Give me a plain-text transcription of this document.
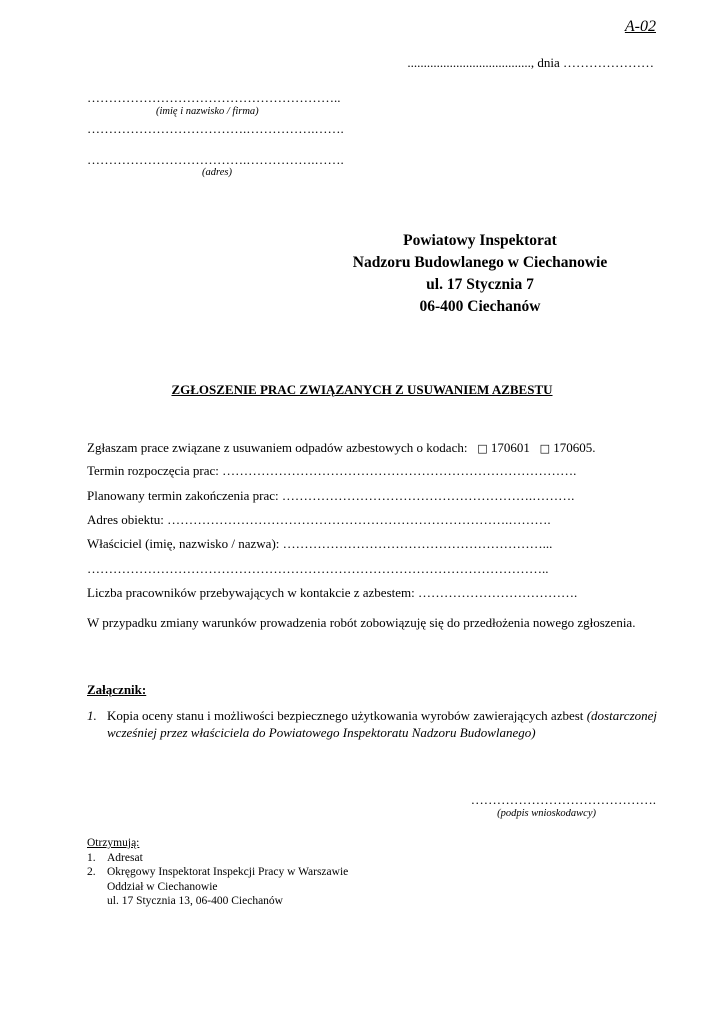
A-02
......................................, dnia …………………
…………………………………………………..
(imię i nazwisko / firma)
……………………………….…………….…….
……………………………….…………….…….
(adres)
Powiatowy Inspektorat
Nadzoru Budowlanego w Ciechanowie
ul. 17 Stycznia 7
06-400 Ciechanów
ZGŁOSZENIE PRAC ZWIĄZANYCH Z USUWANIEM AZBESTU
Zgłaszam prace związane z usuwaniem odpadów azbestowych o kodach: □ 170601 □ 170605.
Termin rozpoczęcia prac: ……………………………………………………………………….
Planowany termin zakończenia prac: ………………………………………………….……….
Adres obiektu: …………………………………………………………………….……….
Właściciel (imię, nazwisko / nazwa): ……………………………………………………...
……………………………………………………………………………………………..
Liczba pracowników przebywających w kontakcie z azbestem: ……………………………….
W przypadku zmiany warunków prowadzenia robót zobowiązuję się do przedłożenia nowego zgłoszenia.
Załącznik:
1. Kopia oceny stanu i możliwości bezpiecznego użytkowania wyrobów zawierających azbest (dostarczonej wcześniej przez właściciela do Powiatowego Inspektoratu Nadzoru Budowlanego)
…………………………………….
(podpis wnioskodawcy)
Otrzymują:
1. Adresat
2. Okręgowy Inspektorat Inspekcji Pracy w Warszawie
Oddział w Ciechanowie
ul. 17 Stycznia 13, 06-400 Ciechanów
